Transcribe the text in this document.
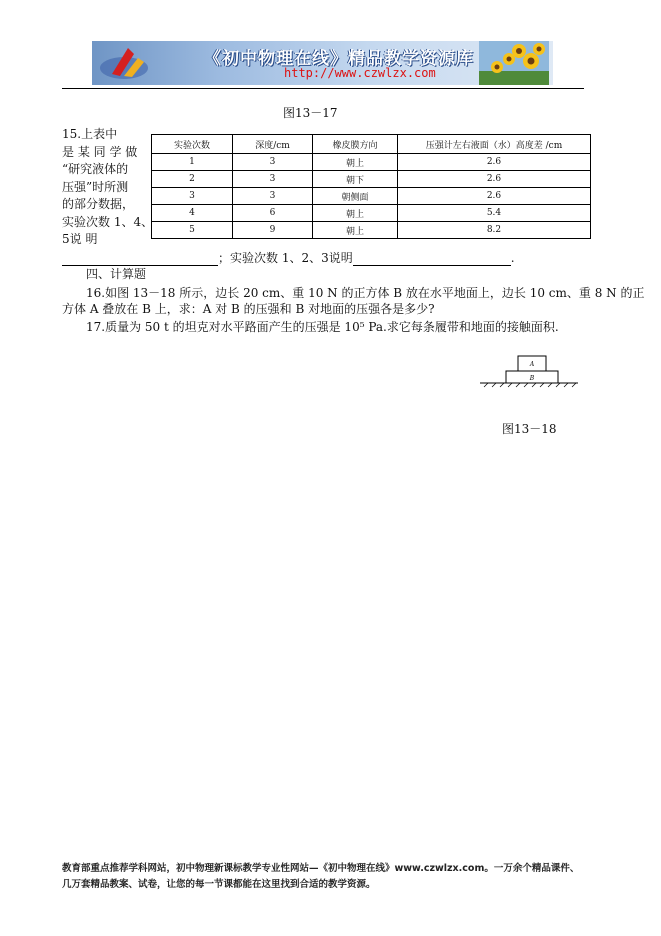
《初中物理在线》精品教学资源库
http://www.czwlzx.com
图13－17
15.上表中
是 某 同 学 做
“研究液体的
压强”时所测
的部分数据，
实验次数 1、4、
5说 明
实验次数	深度/cm	橡皮膜方向	压强计左右液面（水）高度差 /cm
1	3	朝上	2.6
2	3	朝下	2.6
3	3	朝侧面	2.6
4	6	朝上	5.4
5	9	朝上	8.2
；实验次数 1、2、3说明	.
四、计算题
16.如图 13－18 所示，边长 20 cm、重 10 N 的正方体 B 放在水平地面上，边长 10 cm、重 8 N 的正
方体 A 叠放在 B 上，求：A 对 B 的压强和 B 对地面的压强各是多少?
17.质量为 50 t 的坦克对水平路面产生的压强是 10⁵ Pa.求它每条履带和地面的接触面积.
A
B
图13－18
教育部重点推荐学科网站，初中物理新课标教学专业性网站—《初中物理在线》www.czwlzx.com。一万余个精品课件、
几万套精品教案、试卷，让您的每一节课都能在这里找到合适的教学资源。
